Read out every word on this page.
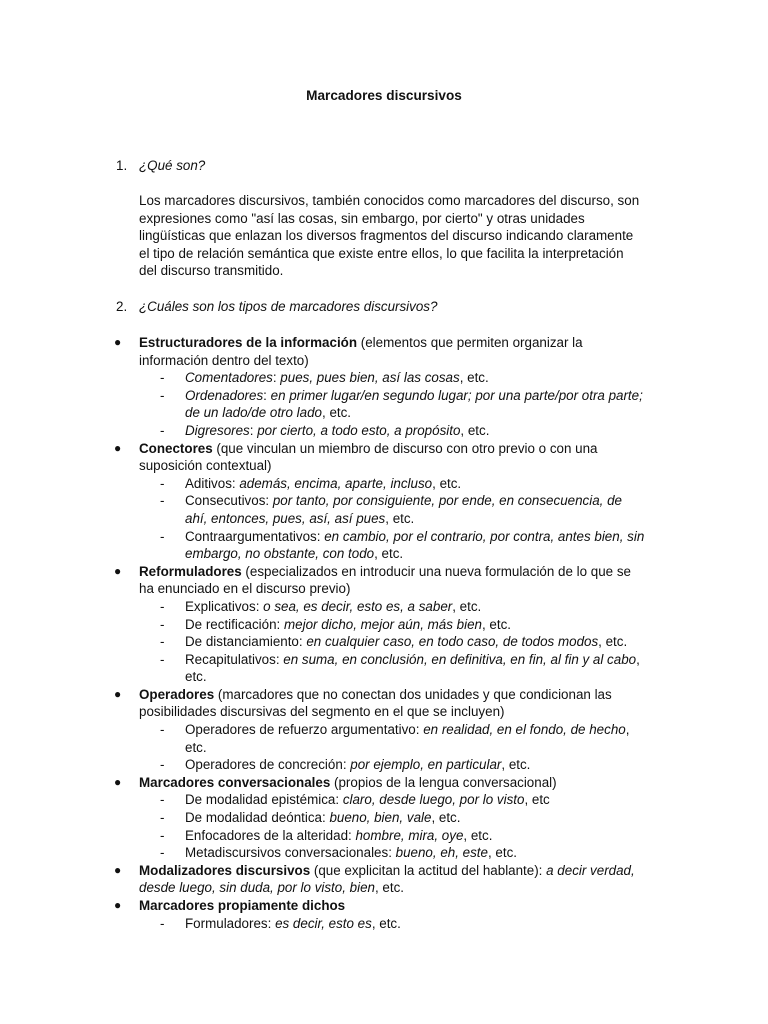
Marcadores discursivos
1. ¿Qué son?
Los marcadores discursivos, también conocidos como marcadores del discurso, son
expresiones como "así las cosas, sin embargo, por cierto" y otras unidades
lingüísticas que enlazan los diversos fragmentos del discurso indicando claramente
el tipo de relación semántica que existe entre ellos, lo que facilita la interpretación
del discurso transmitido.
2. ¿Cuáles son los tipos de marcadores discursivos?
● Estructuradores de la información (elementos que permiten organizar la
información dentro del texto)
- Comentadores: pues, pues bien, así las cosas, etc.
- Ordenadores: en primer lugar/en segundo lugar; por una parte/por otra parte;
de un lado/de otro lado, etc.
- Digresores: por cierto, a todo esto, a propósito, etc.
● Conectores (que vinculan un miembro de discurso con otro previo o con una
suposición contextual)
- Aditivos: además, encima, aparte, incluso, etc.
- Consecutivos: por tanto, por consiguiente, por ende, en consecuencia, de
ahí, entonces, pues, así, así pues, etc.
- Contraargumentativos: en cambio, por el contrario, por contra, antes bien, sin
embargo, no obstante, con todo, etc.
● Reformuladores (especializados en introducir una nueva formulación de lo que se
ha enunciado en el discurso previo)
- Explicativos: o sea, es decir, esto es, a saber, etc.
- De rectificación: mejor dicho, mejor aún, más bien, etc.
- De distanciamiento: en cualquier caso, en todo caso, de todos modos, etc.
- Recapitulativos: en suma, en conclusión, en definitiva, en fin, al fin y al cabo,
etc.
● Operadores (marcadores que no conectan dos unidades y que condicionan las
posibilidades discursivas del segmento en el que se incluyen)
- Operadores de refuerzo argumentativo: en realidad, en el fondo, de hecho,
etc.
- Operadores de concreción: por ejemplo, en particular, etc.
● Marcadores conversacionales (propios de la lengua conversacional)
- De modalidad epistémica: claro, desde luego, por lo visto, etc
- De modalidad deóntica: bueno, bien, vale, etc.
- Enfocadores de la alteridad: hombre, mira, oye, etc.
- Metadiscursivos conversacionales: bueno, eh, este, etc.
● Modalizadores discursivos (que explicitan la actitud del hablante): a decir verdad,
desde luego, sin duda, por lo visto, bien, etc.
● Marcadores propiamente dichos
- Formuladores: es decir, esto es, etc.
